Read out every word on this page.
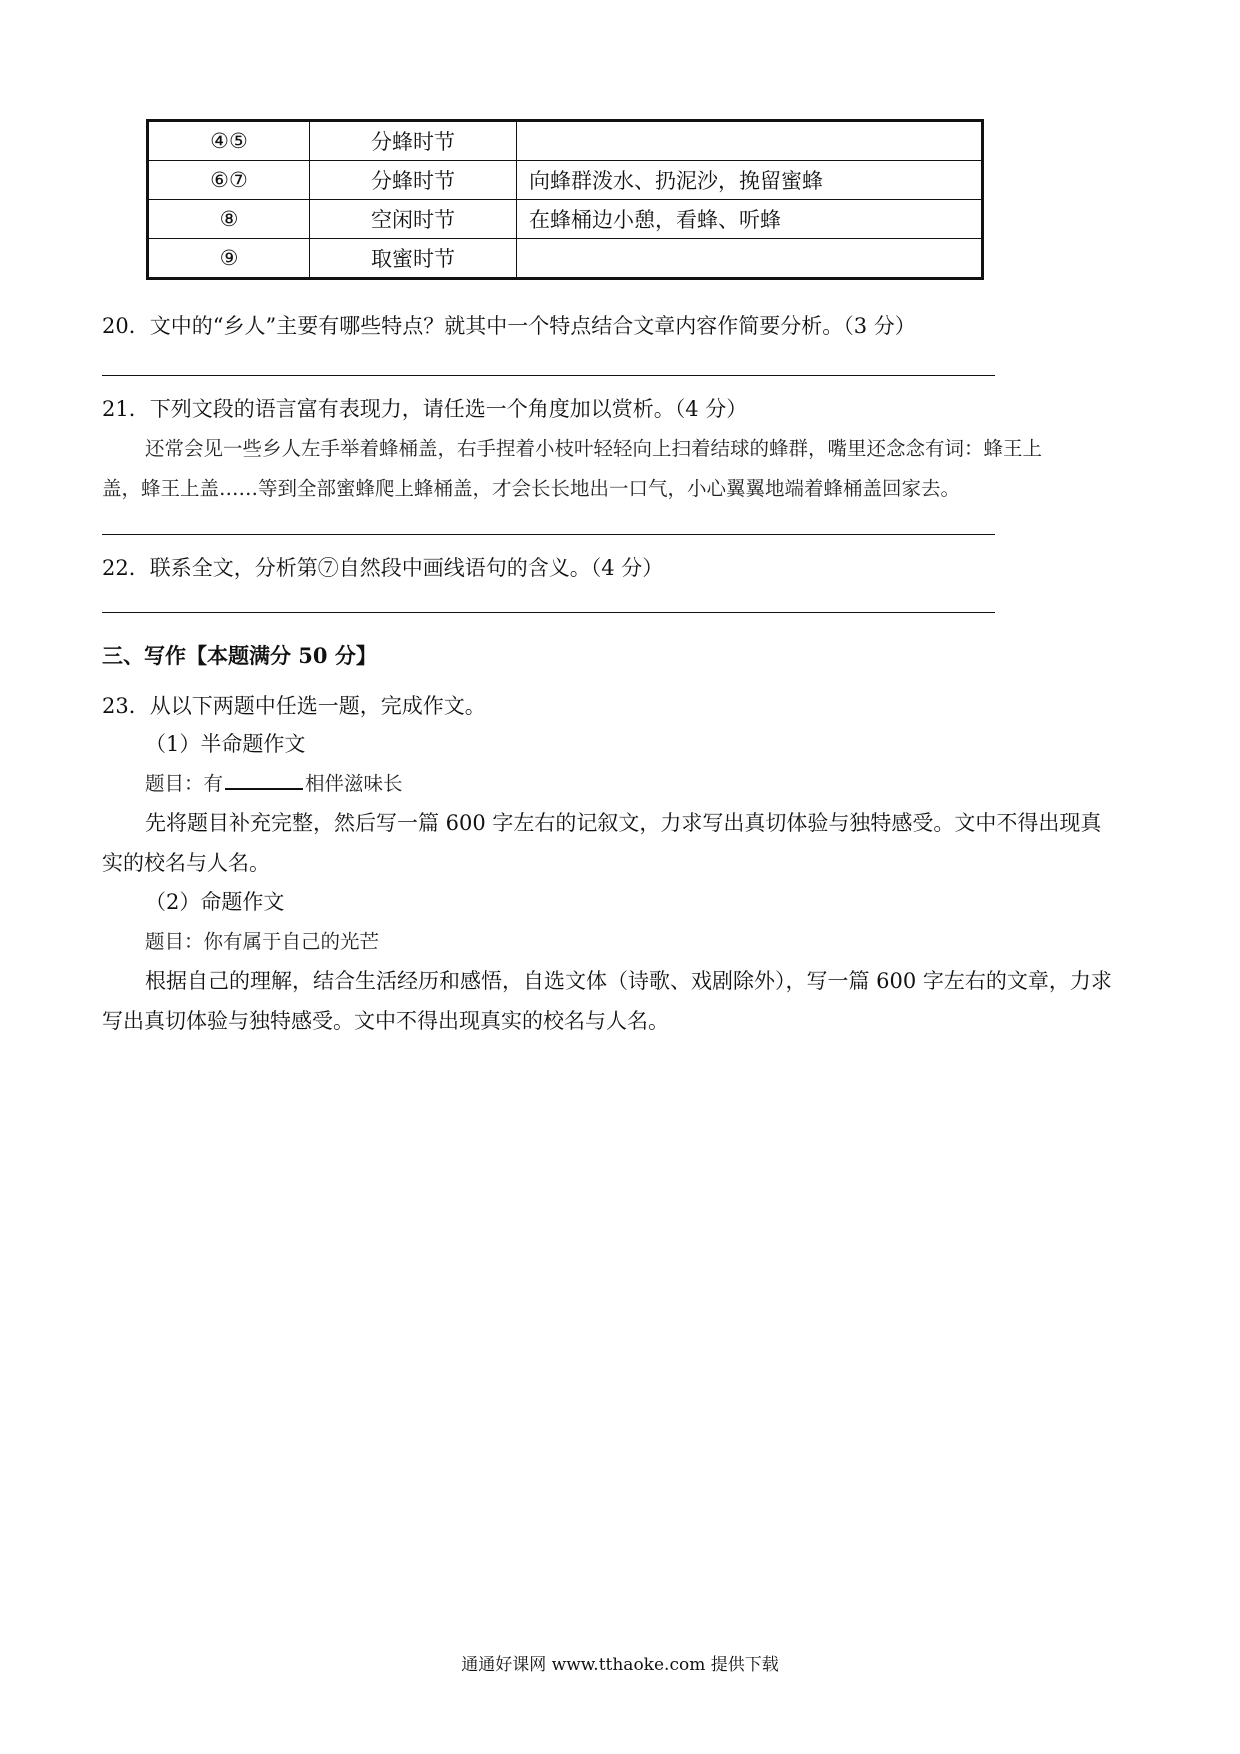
④⑤	分蜂时节	
⑥⑦	分蜂时节	向蜂群泼水、扔泥沙，挽留蜜蜂
⑧	空闲时节	在蜂桶边小憩，看蜂、听蜂
⑨	取蜜时节	
20．文中的“乡人”主要有哪些特点？就其中一个特点结合文章内容作简要分析。（3 分）
21．下列文段的语言富有表现力，请任选一个角度加以赏析。（4 分）
还常会见一些乡人左手举着蜂桶盖，右手捏着小枝叶轻轻向上扫着结球的蜂群，嘴里还念念有词：蜂王上
盖，蜂王上盖……等到全部蜜蜂爬上蜂桶盖，才会长长地出一口气，小心翼翼地端着蜂桶盖回家去。
22．联系全文，分析第⑦自然段中画线语句的含义。（4 分）
三、写作【本题满分 50 分】
23．从以下两题中任选一题，完成作文。
（1）半命题作文
题目：有	相伴滋味长
先将题目补充完整，然后写一篇 600 字左右的记叙文，力求写出真切体验与独特感受。文中不得出现真
实的校名与人名。
（2）命题作文
题目：你有属于自己的光芒
根据自己的理解，结合生活经历和感悟，自选文体（诗歌、戏剧除外），写一篇 600 字左右的文章，力求
写出真切体验与独特感受。文中不得出现真实的校名与人名。
通通好课网 www.tthaoke.com 提供下载
